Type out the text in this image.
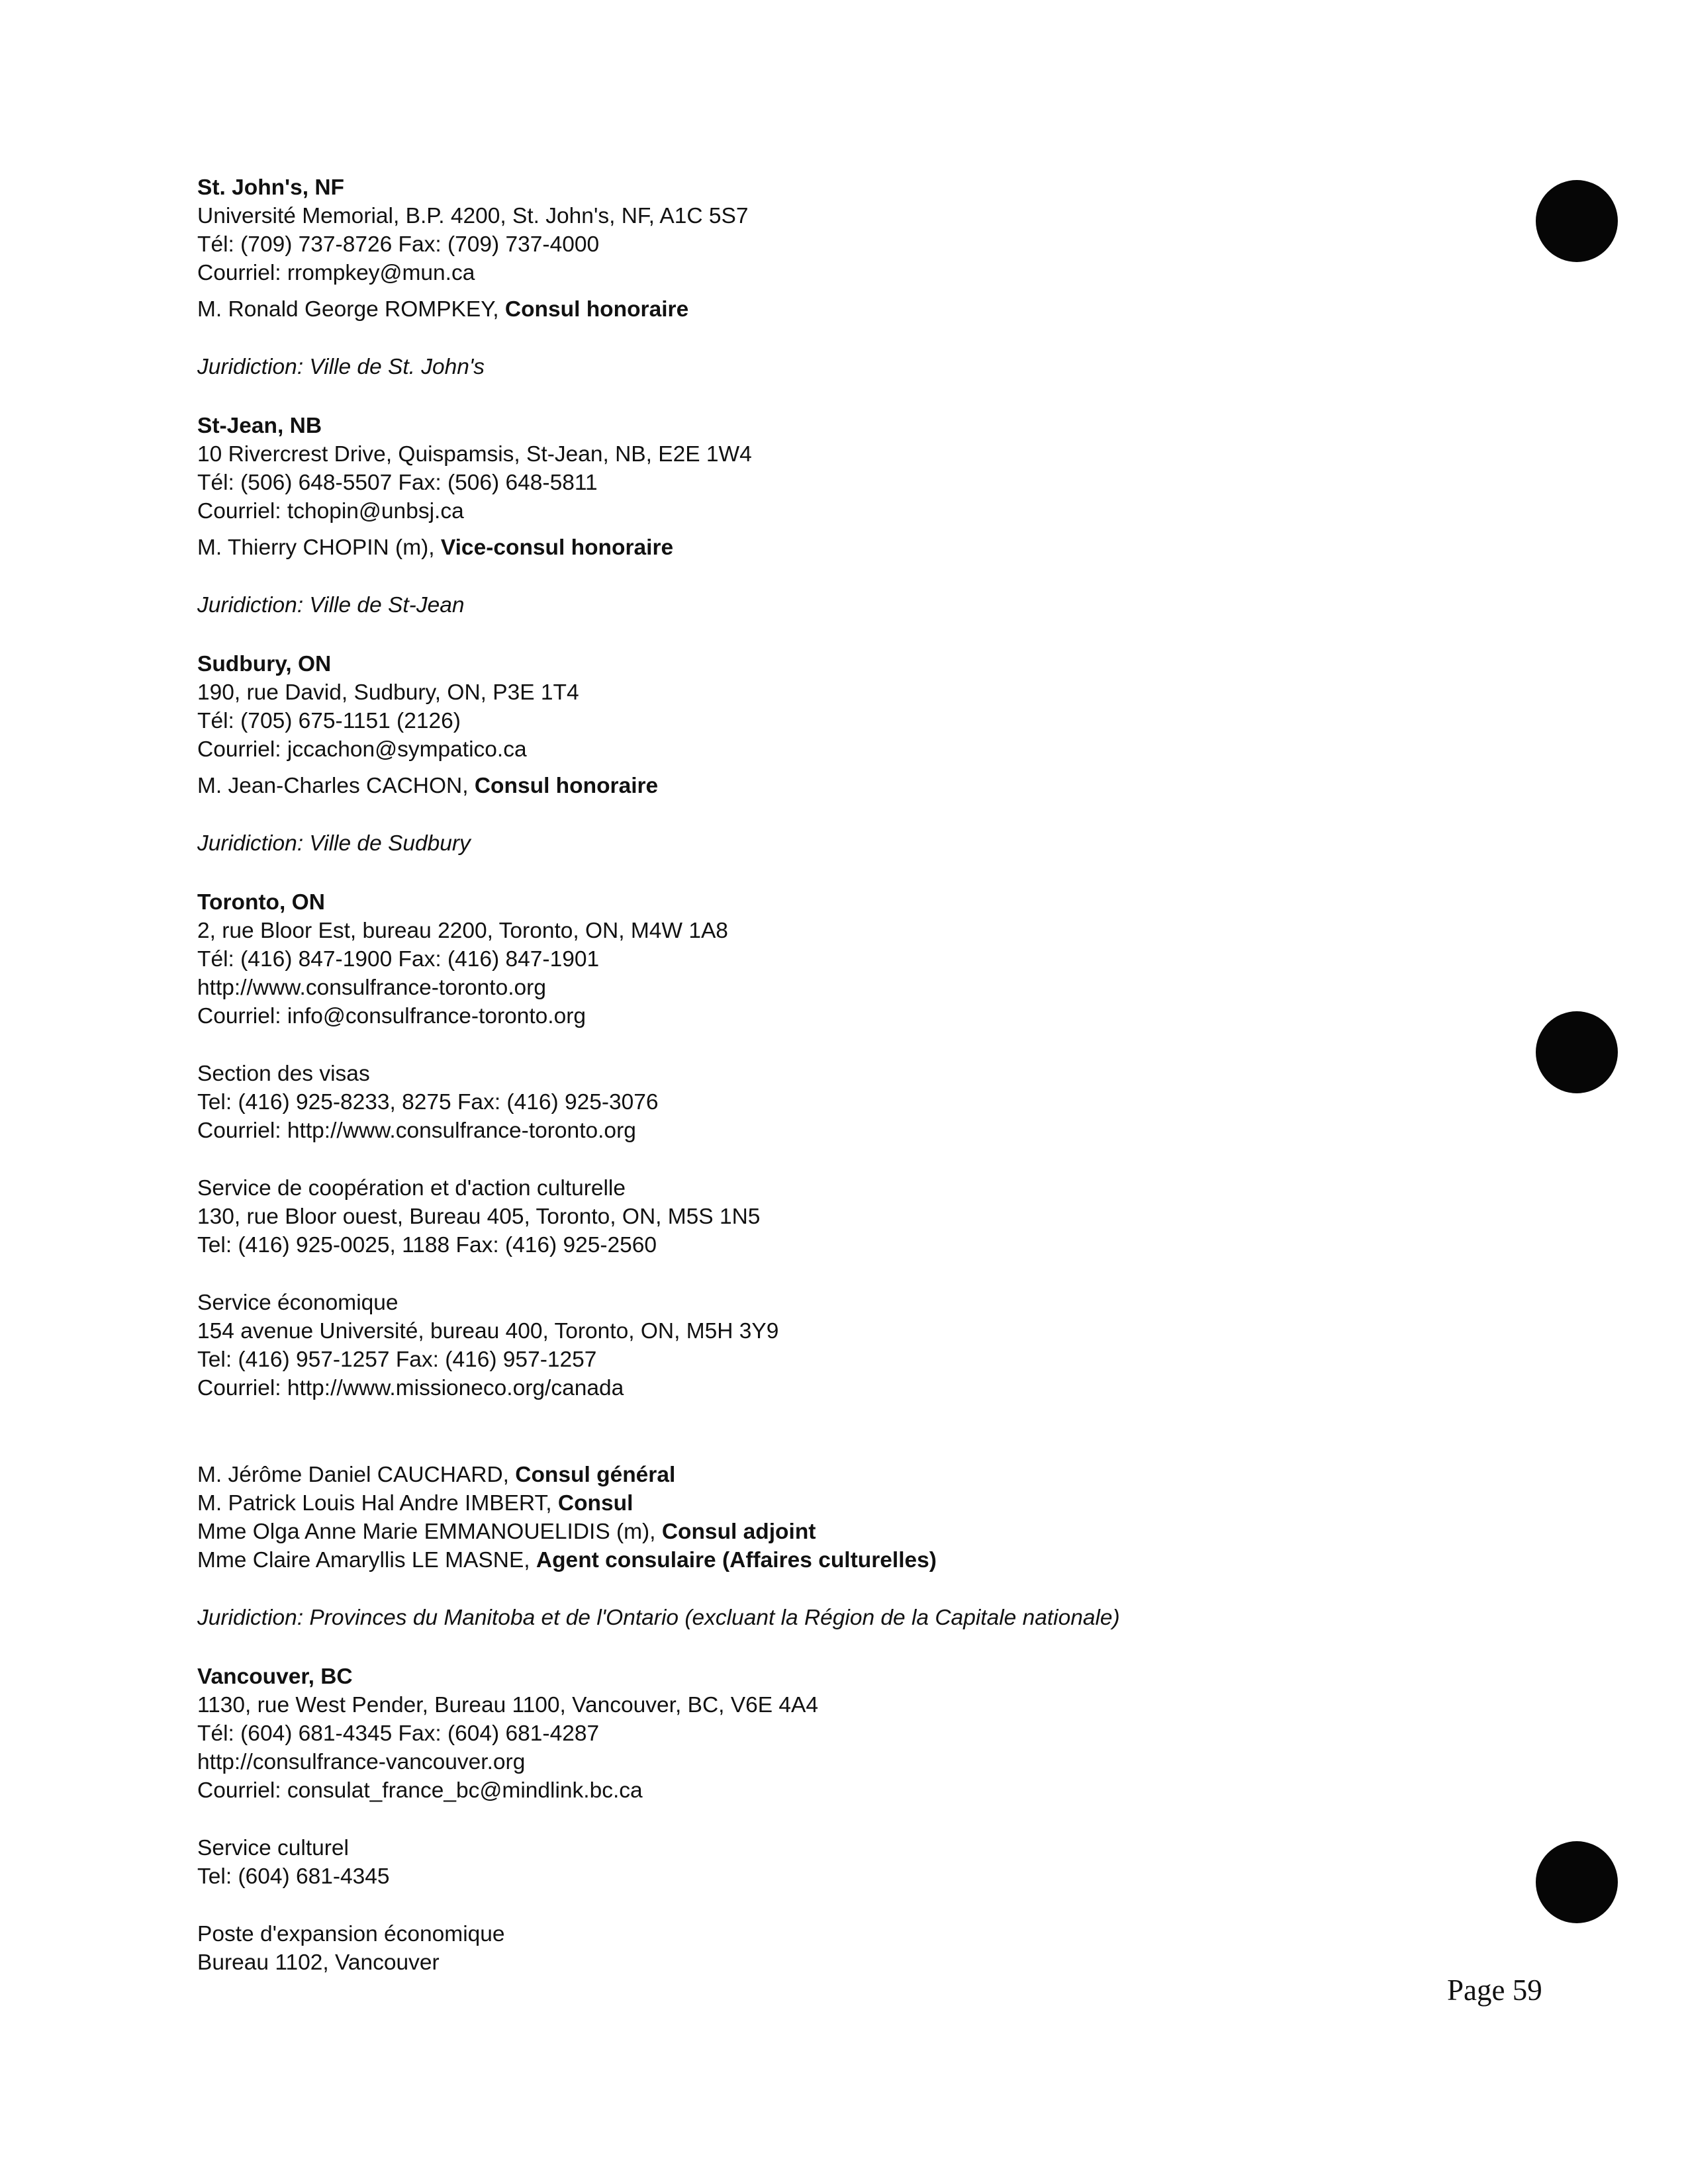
St. John's, NF
Université Memorial, B.P. 4200, St. John's, NF, A1C 5S7
Tél: (709) 737-8726 Fax: (709) 737-4000
Courriel: rrompkey@mun.ca
M. Ronald George ROMPKEY, Consul honoraire
Juridiction: Ville de St. John's
St-Jean, NB
10 Rivercrest Drive, Quispamsis, St-Jean, NB, E2E 1W4
Tél: (506) 648-5507 Fax: (506) 648-5811
Courriel: tchopin@unbsj.ca
M. Thierry CHOPIN (m), Vice-consul honoraire
Juridiction: Ville de St-Jean
Sudbury, ON
190, rue David, Sudbury, ON, P3E 1T4
Tél: (705) 675-1151 (2126)
Courriel: jccachon@sympatico.ca
M. Jean-Charles CACHON, Consul honoraire
Juridiction: Ville de Sudbury
Toronto, ON
2, rue Bloor Est, bureau 2200, Toronto, ON, M4W 1A8
Tél: (416) 847-1900 Fax: (416) 847-1901
http://www.consulfrance-toronto.org
Courriel: info@consulfrance-toronto.org
Section des visas
Tel: (416) 925-8233, 8275 Fax: (416) 925-3076
Courriel: http://www.consulfrance-toronto.org
Service de coopération et d'action culturelle
130, rue Bloor ouest, Bureau 405, Toronto, ON, M5S 1N5
Tel: (416) 925-0025, 1188 Fax: (416) 925-2560
Service économique
154 avenue Université, bureau 400, Toronto, ON, M5H 3Y9
Tel: (416) 957-1257 Fax: (416) 957-1257
Courriel: http://www.missioneco.org/canada
M. Jérôme Daniel CAUCHARD, Consul général
M. Patrick Louis Hal Andre IMBERT, Consul
Mme Olga Anne Marie EMMANOUELIDIS (m), Consul adjoint
Mme Claire Amaryllis LE MASNE, Agent consulaire (Affaires culturelles)
Juridiction: Provinces du Manitoba et de l'Ontario (excluant la Région de la Capitale nationale)
Vancouver, BC
1130, rue West Pender, Bureau 1100, Vancouver, BC, V6E 4A4
Tél: (604) 681-4345 Fax: (604) 681-4287
http://consulfrance-vancouver.org
Courriel: consulat_france_bc@mindlink.bc.ca
Service culturel
Tel: (604) 681-4345
Poste d'expansion économique
Bureau 1102, Vancouver
Page 59
